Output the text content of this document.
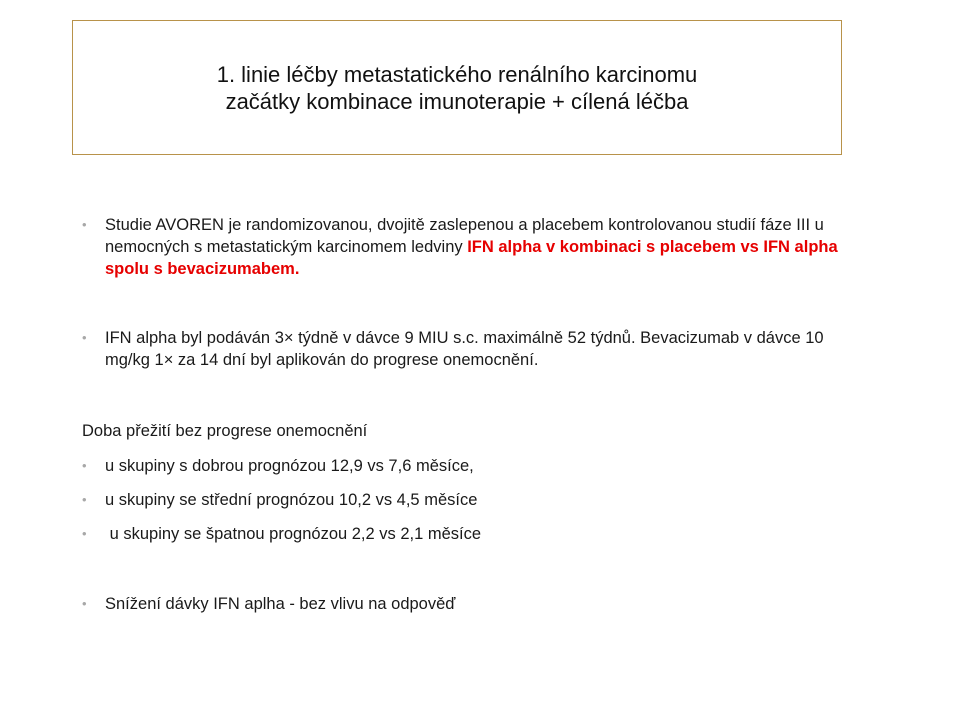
1. linie léčby metastatického renálního karcinomu
začátky kombinace imunoterapie + cílená léčba
•	Studie AVOREN je randomizovanou, dvojitě zaslepenou a placebem kontrolovanou studií fáze III u nemocných s metastatickým karcinomem ledviny IFN alpha v kombinaci s placebem vs IFN alpha spolu s bevacizumabem.
•	IFN alpha byl podáván 3× týdně v dávce 9 MIU s.c. maximálně 52 týdnů. Bevacizumab v dávce 10 mg/kg 1× za 14 dní byl aplikován do progrese onemocnění.
Doba přežití bez progrese onemocnění
•	u skupiny s dobrou prognózou 12,9 vs 7,6 měsíce,
•	u skupiny se střední prognózou 10,2 vs 4,5 měsíce
•	u skupiny se špatnou prognózou 2,2 vs 2,1 měsíce
•	Snížení dávky IFN aplha - bez vlivu na odpověď
